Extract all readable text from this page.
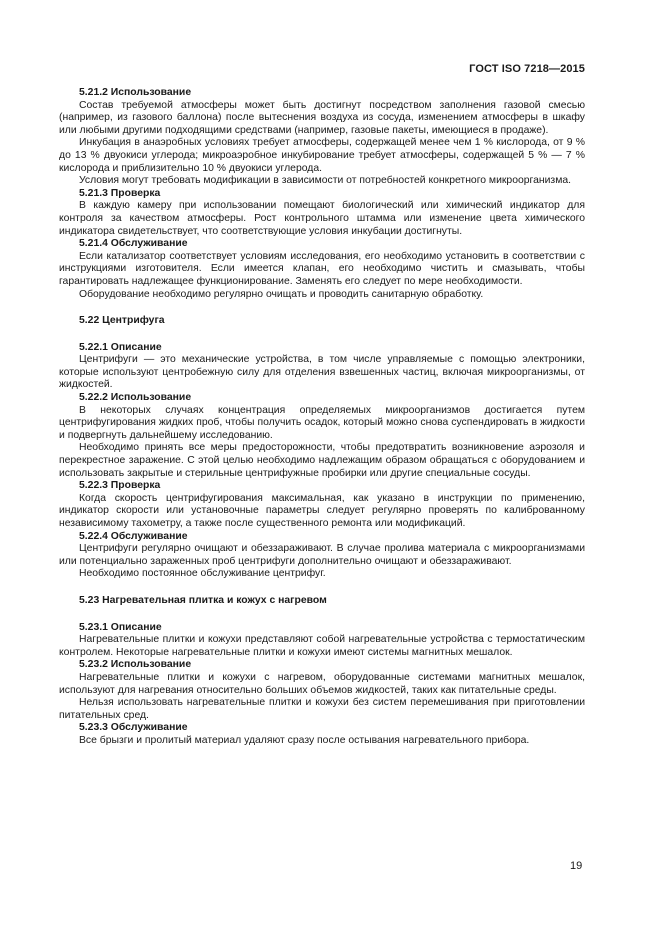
ГОСТ ISO 7218—2015
5.21.2 Использование

Состав требуемой атмосферы может быть достигнут посредством заполнения газовой смесью (например, из газового баллона) после вытеснения воздуха из сосуда, изменением атмосферы в шкафу или любыми другими подходящими средствами (например, газовые пакеты, имеющиеся в продаже).

Инкубация в анаэробных условиях требует атмосферы, содержащей менее чем 1 % кислорода, от 9 % до 13 % двуокиси углерода; микроаэробное инкубирование требует атмосферы, содержащей 5 % — 7 % кислорода и приблизительно 10 % двуокиси углерода.

Условия могут требовать модификации в зависимости от потребностей конкретного микроорганизма.

5.21.3 Проверка

В каждую камеру при использовании помещают биологический или химический индикатор для контроля за качеством атмосферы. Рост контрольного штамма или изменение цвета химического индикатора свидетельствует, что соответствующие условия инкубации достигнуты.

5.21.4 Обслуживание

Если катализатор соответствует условиям исследования, его необходимо установить в соответствии с инструкциями изготовителя. Если имеется клапан, его необходимо чистить и смазывать, чтобы гарантировать надлежащее функционирование. Заменять его следует по мере необходимости.

Оборудование необходимо регулярно очищать и проводить санитарную обработку.

5.22 Центрифуга
5.22.1 Описание

Центрифуги — это механические устройства, в том числе управляемые с помощью электроники, которые используют центробежную силу для отделения взвешенных частиц, включая микроорганизмы, от жидкостей.

5.22.2 Использование

В некоторых случаях концентрация определяемых микроорганизмов достигается путем центрифугирования жидких проб, чтобы получить осадок, который можно снова суспендировать в жидкости и подвергнуть дальнейшему исследованию.

Необходимо принять все меры предосторожности, чтобы предотвратить возникновение аэрозоля и перекрестное заражение. С этой целью необходимо надлежащим образом обращаться с оборудованием и использовать закрытые и стерильные центрифужные пробирки или другие специальные сосуды.

5.22.3 Проверка

Когда скорость центрифугирования максимальная, как указано в инструкции по применению, индикатор скорости или установочные параметры следует регулярно проверять по калиброванному независимому тахометру, а также после существенного ремонта или модификаций.

5.22.4 Обслуживание

Центрифуги регулярно очищают и обеззараживают. В случае пролива материала с микроорганизмами или потенциально зараженных проб центрифуги дополнительно очищают и обеззараживают.

Необходимо постоянное обслуживание центрифуг.

5.23 Нагревательная плитка и кожух с нагревом
5.23.1 Описание

Нагревательные плитки и кожухи представляют собой нагревательные устройства с термостатическим контролем. Некоторые нагревательные плитки и кожухи имеют системы магнитных мешалок.

5.23.2 Использование

Нагревательные плитки и кожухи с нагревом, оборудованные системами магнитных мешалок, используют для нагревания относительно больших объемов жидкостей, таких как питательные среды.

Нельзя использовать нагревательные плитки и кожухи без систем перемешивания при приготовлении питательных сред.

5.23.3 Обслуживание

Все брызги и пролитый материал удаляют сразу после остывания нагревательного прибора.

19
